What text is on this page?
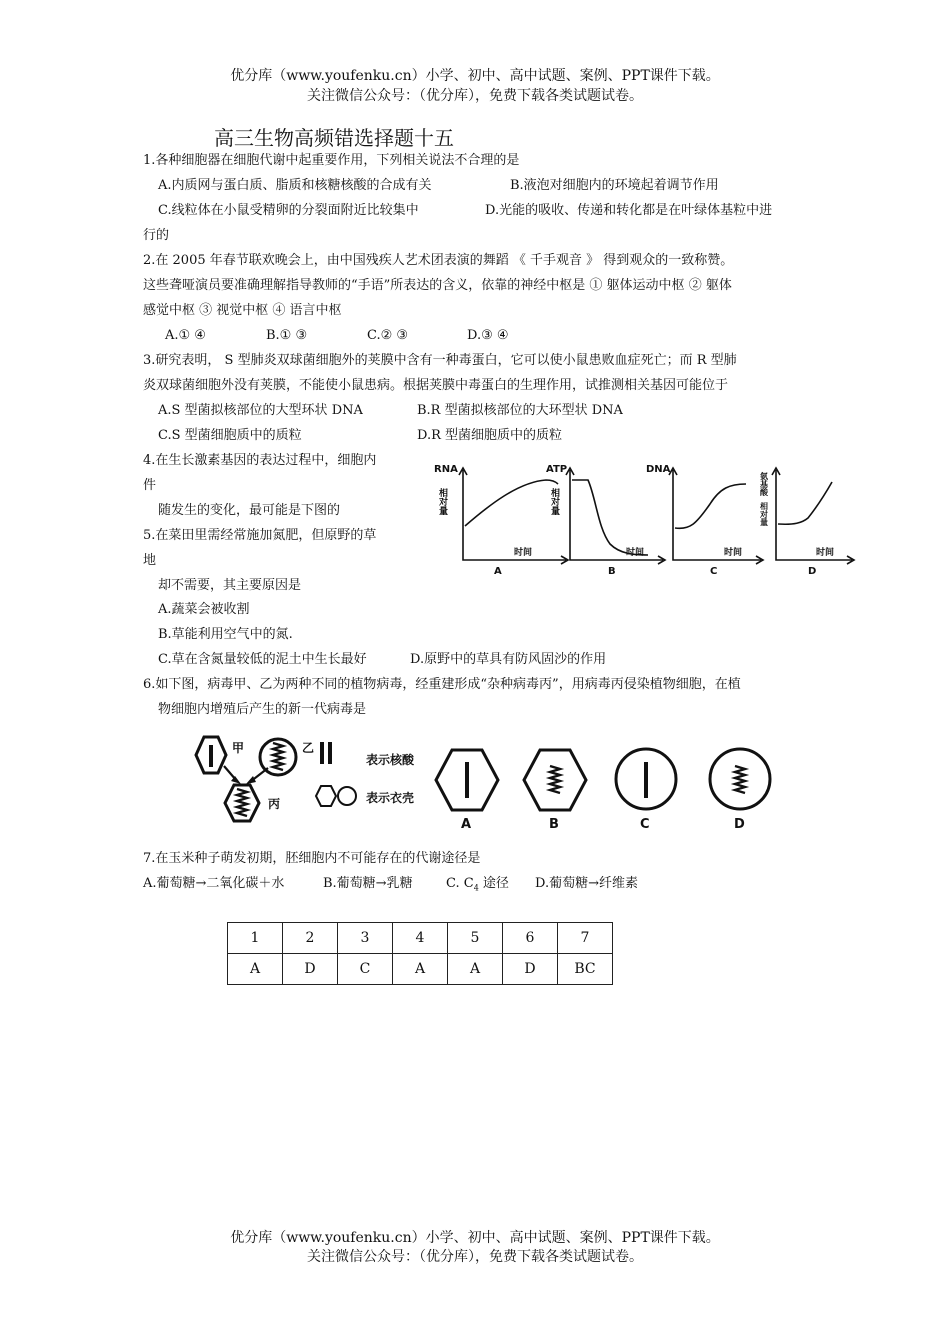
优分库（www.youfenku.cn）小学、初中、高中试题、案例、PPT课件下载。
关注微信公众号：（优分库），免费下载各类试题试卷。
高三生物高频错选择题十五
1.各种细胞器在细胞代谢中起重要作用，下列相关说法不合理的是
A.内质网与蛋白质、脂质和核糖核酸的合成有关	B.液泡对细胞内的环境起着调节作用
C.线粒体在小鼠受精卵的分裂面附近比较集中	D.光能的吸收、传递和转化都是在叶绿体基粒中进
行的
2.在 2005 年春节联欢晚会上，由中国残疾人艺术团表演的舞蹈 《 千手观音 》 得到观众的一致称赞。
这些聋哑演员要准确理解指导教师的“手语”所表达的含义，依靠的神经中枢是 ① 躯体运动中枢 ② 躯体
感觉中枢 ③ 视觉中枢 ④ 语言中枢
A.① ④	B.① ③	C.② ③	D.③ ④
3.研究表明， S 型肺炎双球菌细胞外的荚膜中含有一种毒蛋白，它可以使小鼠患败血症死亡；而 R 型肺
炎双球菌细胞外没有荚膜，不能使小鼠患病。根据荚膜中毒蛋白的生理作用，试推测相关基因可能位于
A.S 型菌拟核部位的大型环状 DNA	B.R 型菌拟核部位的大环型状 DNA
C.S 型菌细胞质中的质粒	D.R 型菌细胞质中的质粒
4.在生长激素基因的表达过程中，细胞内
件
随发生的变化，最可能是下图的
RNA
相对量
时间
A
ATP
相对量
时间
B
DNA
时间
C
氨基酸
相对量
时间
D
5.在菜田里需经常施加氮肥，但原野的草
地
却不需要，其主要原因是
A.蔬菜会被收割
B.草能利用空气中的氮.
C.草在含氮量较低的泥土中生长最好	D.原野中的草具有防风固沙的作用
6.如下图，病毒甲、乙为两种不同的植物病毒，经重建形成“杂种病毒丙”，用病毒丙侵染植物细胞，在植
物细胞内增殖后产生的新一代病毒是
甲	乙
丙
表示核酸
表示衣壳
A	B	C	D
7.在玉米种子萌发初期，胚细胞内不可能存在的代谢途径是
A.葡萄糖→二氧化碳＋水	B.葡萄糖→乳糖	C. $C_4$ 途径 D.葡萄糖→纤维素
1	2	3	4	5	6	7
A	D	C	A	A	D	BC
优分库（www.youfenku.cn）小学、初中、高中试题、案例、PPT课件下载。
关注微信公众号：（优分库），免费下载各类试题试卷。
